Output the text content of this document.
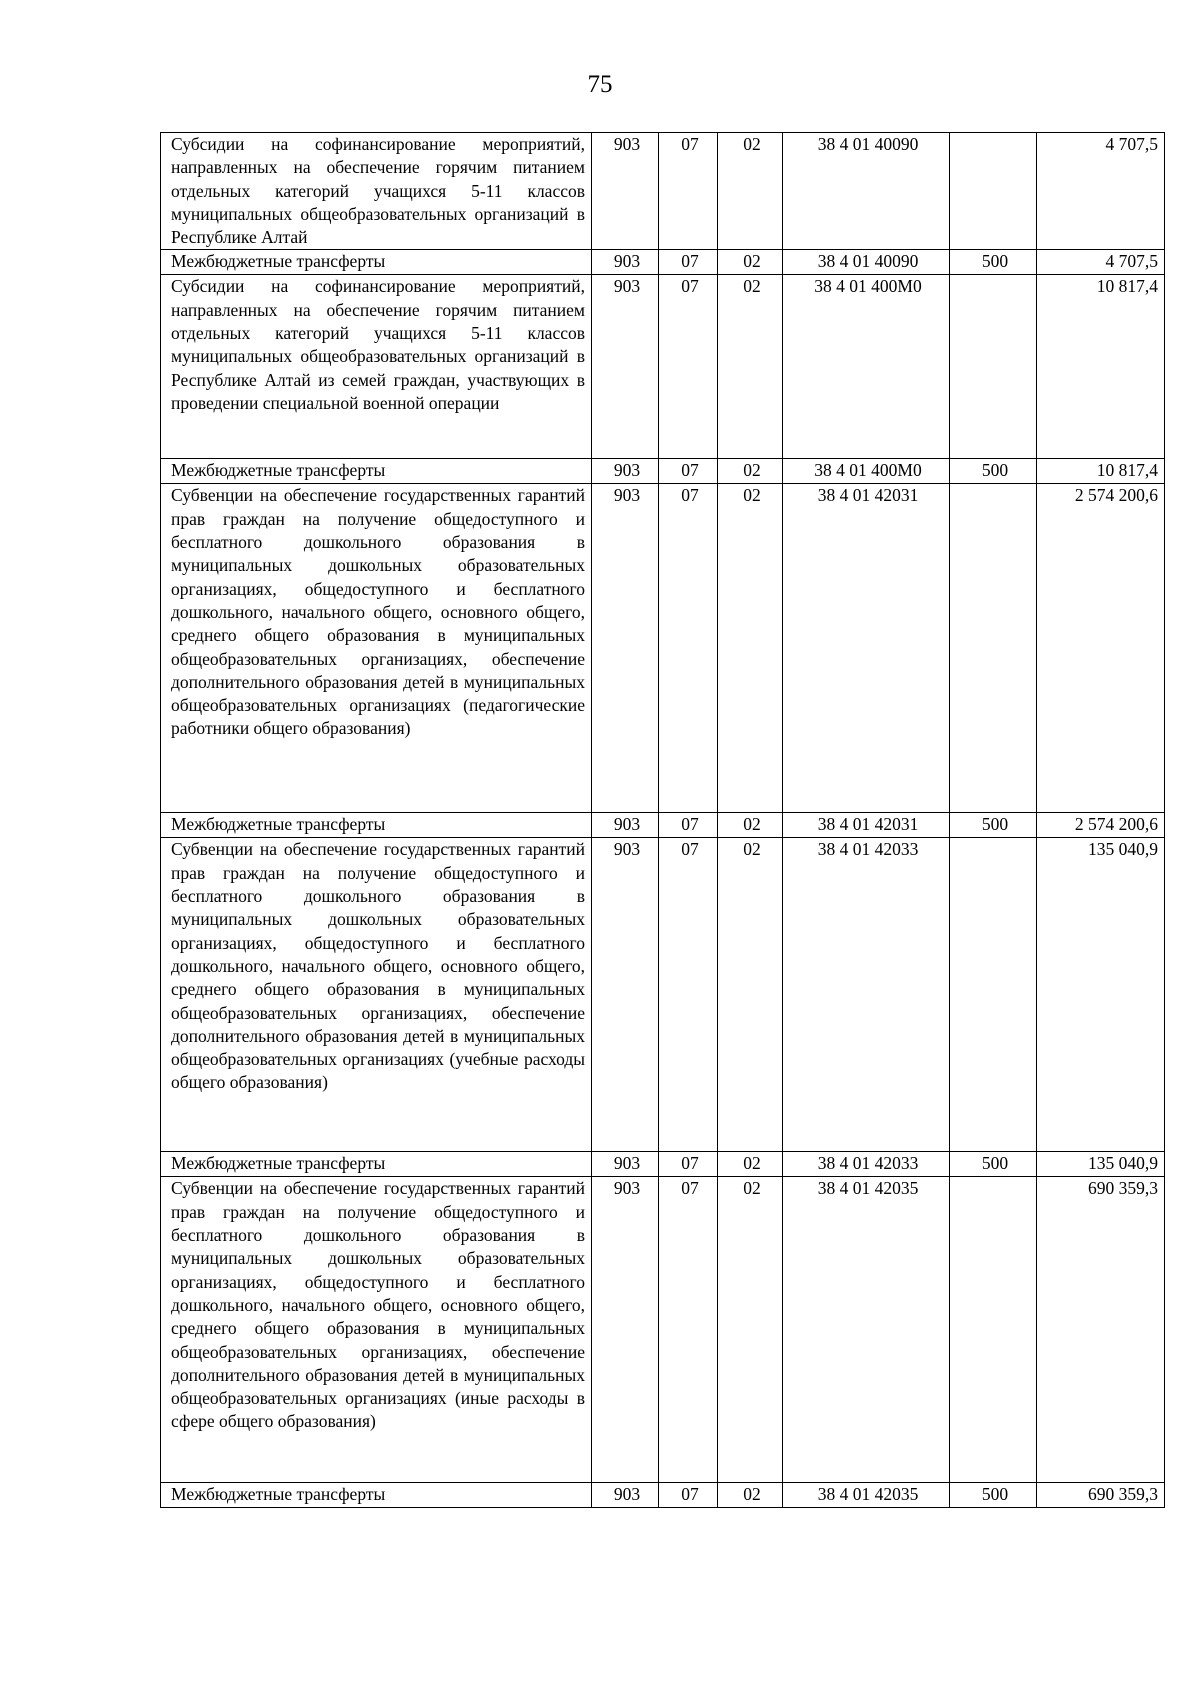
75
Субсидии на софинансирование мероприятий, направленных на обеспечение горячим питанием отдельных категорий учащихся 5-11 классов муниципальных общеобразовательных организаций в Республике Алтай	903	07	02	38 4 01 40090		4 707,5
Межбюджетные трансферты	903	07	02	38 4 01 40090	500	4 707,5
Субсидии на софинансирование мероприятий, направленных на обеспечение горячим питанием отдельных категорий учащихся 5-11 классов муниципальных общеобразовательных организаций в Республике Алтай из семей граждан, участвующих в проведении специальной военной операции	903	07	02	38 4 01 400M0		10 817,4
Межбюджетные трансферты	903	07	02	38 4 01 400M0	500	10 817,4
Субвенции на обеспечение государственных гарантий прав граждан на получение общедоступного и бесплатного дошкольного образования в муниципальных дошкольных образовательных организациях, общедоступного и бесплатного дошкольного, начального общего, основного общего, среднего общего образования в муниципальных общеобразовательных организациях, обеспечение дополнительного образования детей в муниципальных общеобразовательных организациях (педагогические работники общего образования)	903	07	02	38 4 01 42031		2 574 200,6
Межбюджетные трансферты	903	07	02	38 4 01 42031	500	2 574 200,6
Субвенции на обеспечение государственных гарантий прав граждан на получение общедоступного и бесплатного дошкольного образования в муниципальных дошкольных образовательных организациях, общедоступного и бесплатного дошкольного, начального общего, основного общего, среднего общего образования в муниципальных общеобразовательных организациях, обеспечение дополнительного образования детей в муниципальных общеобразовательных организациях (учебные расходы общего образования)	903	07	02	38 4 01 42033		135 040,9
Межбюджетные трансферты	903	07	02	38 4 01 42033	500	135 040,9
Субвенции на обеспечение государственных гарантий прав граждан на получение общедоступного и бесплатного дошкольного образования в муниципальных дошкольных образовательных организациях, общедоступного и бесплатного дошкольного, начального общего, основного общего, среднего общего образования в муниципальных общеобразовательных организациях, обеспечение дополнительного образования детей в муниципальных общеобразовательных организациях (иные расходы в сфере общего образования)	903	07	02	38 4 01 42035		690 359,3
Межбюджетные трансферты	903	07	02	38 4 01 42035	500	690 359,3
